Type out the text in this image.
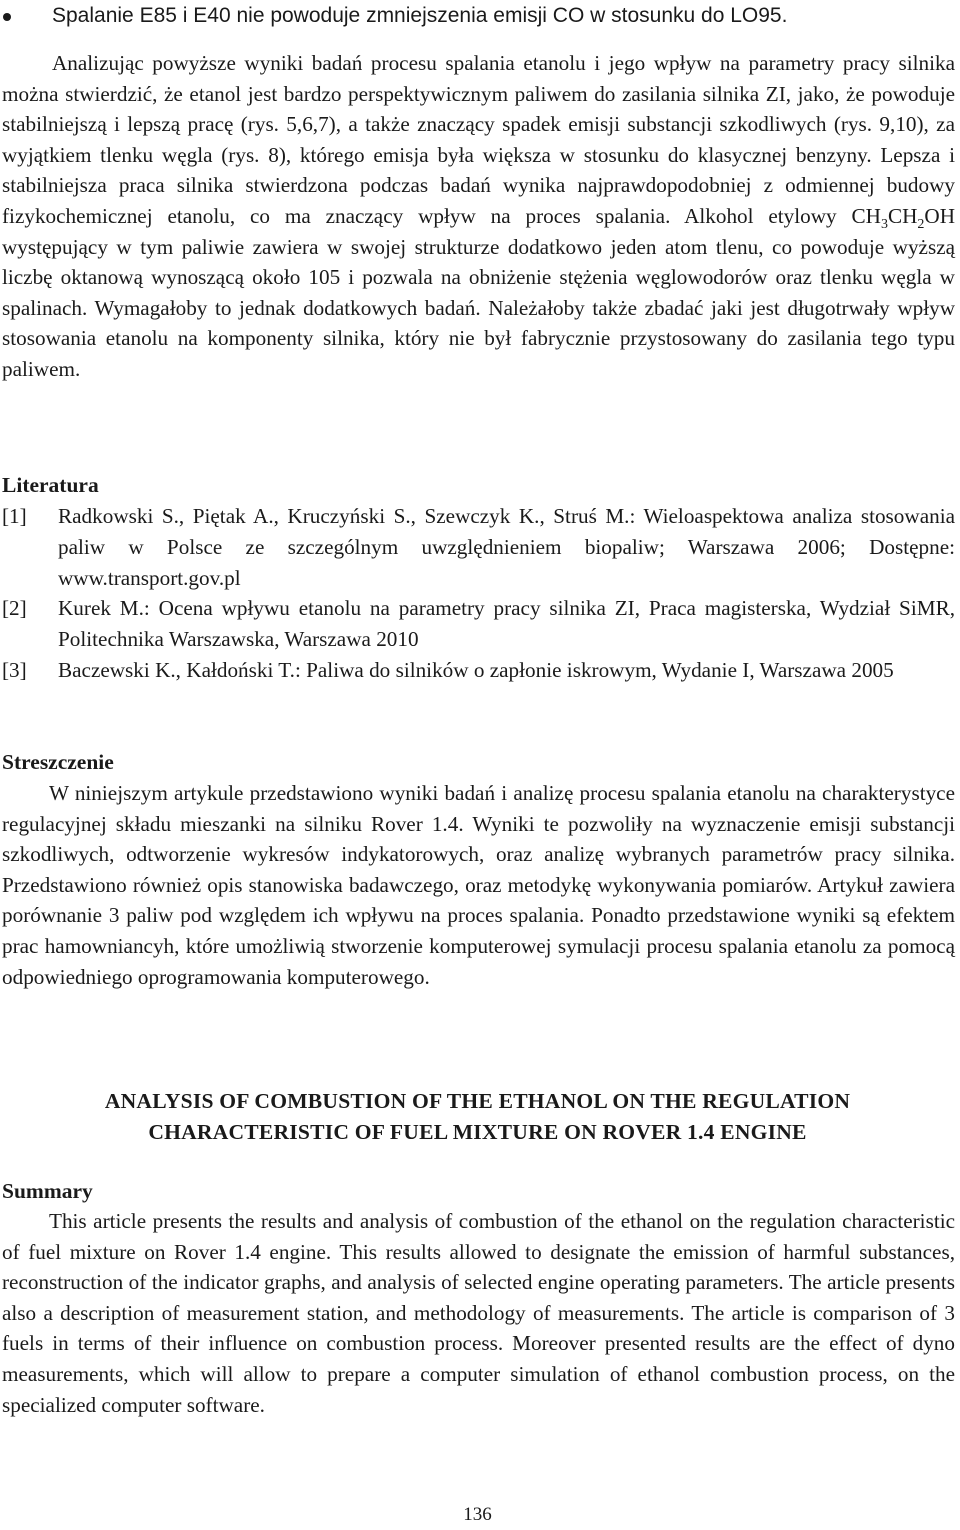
Spalanie E85 i E40 nie powoduje zmniejszenia emisji CO w stosunku do LO95.

Analizując powyższe wyniki badań procesu spalania etanolu i jego wpływ na parametry pracy silnika można stwierdzić, że etanol jest bardzo perspektywicznym paliwem do zasilania silnika ZI, jako, że powoduje stabilniejszą i lepszą pracę (rys. 5,6,7), a także znaczący spadek emisji substancji szkodliwych (rys. 9,10), za wyjątkiem tlenku węgla (rys. 8), którego emisja była większa w stosunku do klasycznej benzyny. Lepsza i stabilniejsza praca silnika stwierdzona podczas badań wynika najprawdopodobniej z odmiennej budowy fizykochemicznej etanolu, co ma znaczący wpływ na proces spalania. Alkohol etylowy $CH_3CH_2OH$ występujący w tym paliwie zawiera w swojej strukturze dodatkowo jeden atom tlenu, co powoduje wyższą liczbę oktanową wynoszącą około 105 i pozwala na obniżenie stężenia węglowodorów oraz tlenku węgla w spalinach. Wymagałoby to jednak dodatkowych badań. Należałoby także zbadać jaki jest długotrwały wpływ stosowania etanolu na komponenty silnika, który nie był fabrycznie przystosowany do zasilania tego typu paliwem.

Literatura

[1] Radkowski S., Piętak A., Kruczyński S., Szewczyk K., Struś M.: Wieloaspektowa analiza stosowania paliw w Polsce ze szczególnym uwzględnieniem biopaliw; Warszawa 2006; Dostępne: www.transport.gov.pl

[2] Kurek M.: Ocena wpływu etanolu na parametry pracy silnika ZI, Praca magisterska, Wydział SiMR, Politechnika Warszawska, Warszawa 2010

[3] Baczewski K., Kałdoński T.: Paliwa do silników o zapłonie iskrowym, Wydanie I, Warszawa 2005

Streszczenie

W niniejszym artykule przedstawiono wyniki badań i analizę procesu spalania etanolu na charakterystyce regulacyjnej składu mieszanki na silniku Rover 1.4. Wyniki te pozwoliły na wyznaczenie emisji substancji szkodliwych, odtworzenie wykresów indykatorowych, oraz analizę wybranych parametrów pracy silnika. Przedstawiono również opis stanowiska badawczego, oraz metodykę wykonywania pomiarów. Artykuł zawiera porównanie 3 paliw pod względem ich wpływu na proces spalania. Ponadto przedstawione wyniki są efektem prac hamowniancyh, które umożliwią stworzenie komputerowej symulacji procesu spalania etanolu za pomocą odpowiedniego oprogramowania komputerowego.

ANALYSIS OF COMBUSTION OF THE ETHANOL ON THE REGULATION
CHARACTERISTIC OF FUEL MIXTURE ON ROVER 1.4 ENGINE
Summary

This article presents the results and analysis of combustion of the ethanol on the regulation characteristic of fuel mixture on Rover 1.4 engine. This results allowed to designate the emission of harmful substances, reconstruction of the indicator graphs, and analysis of selected engine operating parameters. The article presents also a description of measurement station, and methodology of measurements. The article is comparison of 3 fuels in terms of their influence on combustion process. Moreover presented results are the effect of dyno measurements, which will allow to prepare a computer simulation of ethanol combustion process, on the specialized computer software.

136
